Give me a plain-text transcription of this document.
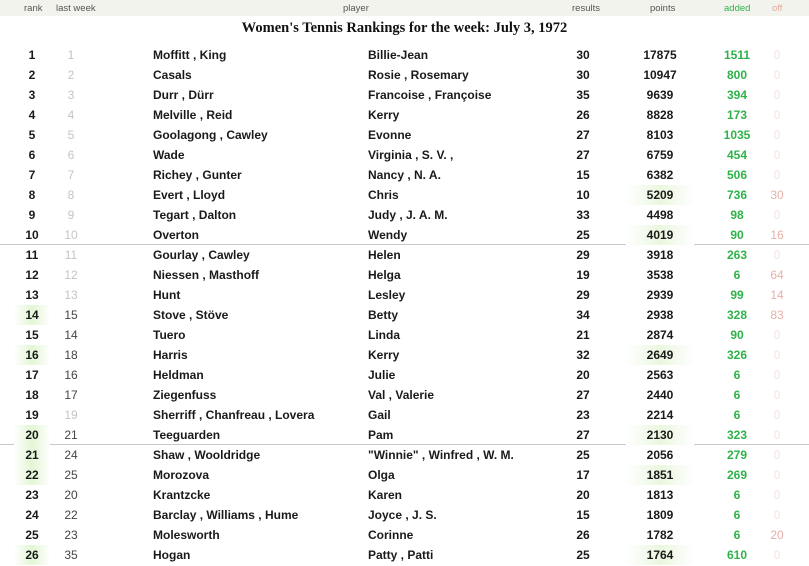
rank last week	player	results	points	added off
Women's Tennis Rankings for the week: July 3, 1972
1	1	Moffitt , King	Billie-Jean	30	17875	1511	0
2	2	Casals	Rosie , Rosemary	30	10947	800	0
3	3	Durr , Dürr	Francoise , Françoise	35	9639	394	0
4	4	Melville , Reid	Kerry	26	8828	173	0
5	5	Goolagong , Cawley	Evonne	27	8103	1035	0
6	6	Wade	Virginia , S. V. ,	27	6759	454	0
7	7	Richey , Gunter	Nancy , N. A.	15	6382	506	0
8	8	Evert , Lloyd	Chris	10	5209	736	30
9	9	Tegart , Dalton	Judy , J. A. M.	33	4498	98	0
10	10	Overton	Wendy	25	4019	90	16
11	11	Gourlay , Cawley	Helen	29	3918	263	0
12	12	Niessen , Masthoff	Helga	19	3538	6	64
13	13	Hunt	Lesley	29	2939	99	14
14	15	Stove , Stöve	Betty	34	2938	328	83
15	14	Tuero	Linda	21	2874	90	0
16	18	Harris	Kerry	32	2649	326	0
17	16	Heldman	Julie	20	2563	6	0
18	17	Ziegenfuss	Val , Valerie	27	2440	6	0
19	19	Sherriff , Chanfreau , Lovera	Gail	23	2214	6	0
20	21	Teeguarden	Pam	27	2130	323	0
21	24	Shaw , Wooldridge	"Winnie" , Winfred , W. M.	25	2056	279	0
22	25	Morozova	Olga	17	1851	269	0
23	20	Krantzcke	Karen	20	1813	6	0
24	22	Barclay , Williams , Hume	Joyce , J. S.	15	1809	6	0
25	23	Molesworth	Corinne	26	1782	6	20
26	35	Hogan	Patty , Patti	25	1764	610	0
